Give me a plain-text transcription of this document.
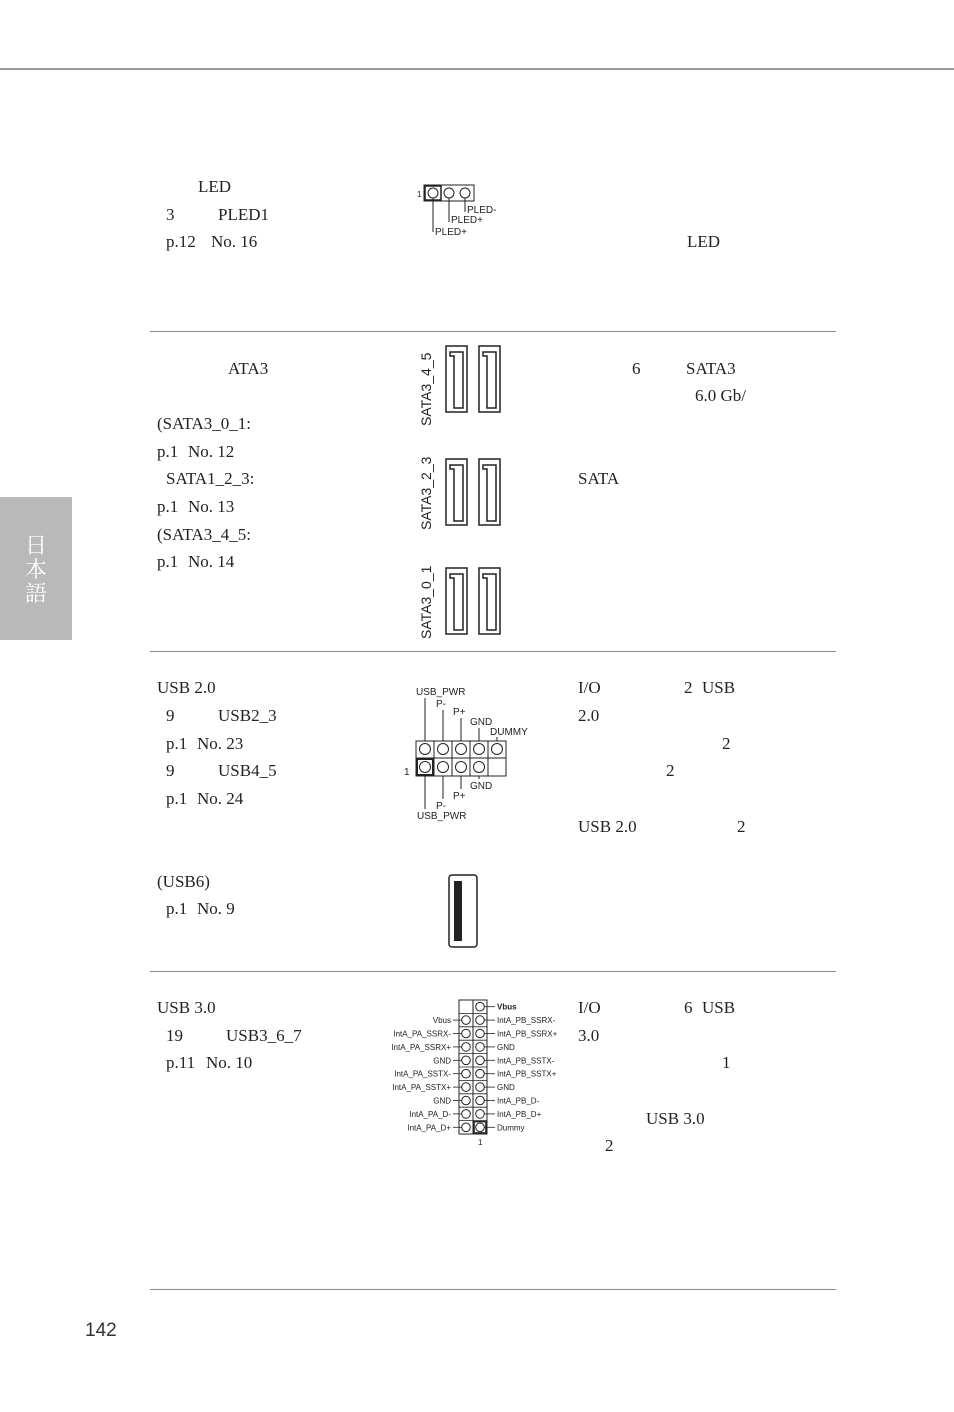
日本語
LED
3	PLED1
p.12 No. 16	LED
1
PLED-
PLED+
PLED+
ATA3
(SATA3_0_1:
p.1 No. 12
SATA1_2_3:
p.1 No. 13
(SATA3_4_5:
p.1 No. 14
6	SATA3
6.0 Gb/
SATA
SATA3_4_5
SATA3_2_3
SATA3_0_1
USB 2.0
9	USB2_3
p.1 No. 23
9	USB4_5
p.1 No. 24
I/O	2 USB
2.0
2
2
USB 2.0	2
USB_PWR
P-
P+
GND
DUMMY
1
GND
P+
P-
USB_PWR
(USB6)
p.1 No. 9
USB 3.0
19	USB3_6_7
p.11 No. 10
I/O	6 USB
3.0
1
USB 3.0
2
Vbus
IntA_PB_SSRX-
IntA_PB_SSRX+
GND
IntA_PB_SSTX-
IntA_PB_SSTX+
GND
IntA_PB_D-
IntA_PB_D+
Dummy
Vbus
IntA_PA_SSRX-
IntA_PA_SSRX+
GND
IntA_PA_SSTX-
IntA_PA_SSTX+
GND
IntA_PA_D-
IntA_PA_D+
1
142
